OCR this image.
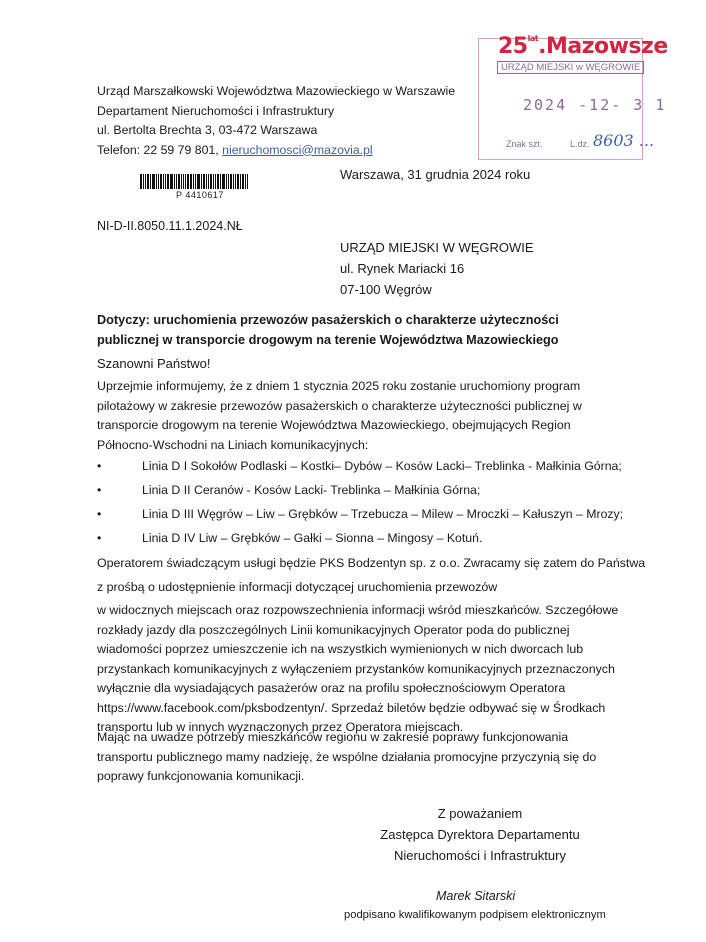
$25^{lat}.Mazowsze$
URZĄD MIEJSKI w WĘGROWIE
2024 -12- 3 1
Znak szt.	L.dz. 8603 ...
Urząd Marszałkowski Województwa Mazowieckiego w Warszawie
Departament Nieruchomości i Infrastruktury
ul. Bertolta Brechta 3, 03-472 Warszawa
Telefon: 22 59 79 801, nieruchomosci@mazovia.pl
P 4410617
Warszawa, 31 grudnia 2024 roku
NI-D-II.8050.11.1.2024.NŁ
URZĄD MIEJSKI W WĘGROWIE
ul. Rynek Mariacki 16
07-100 Węgrów
Dotyczy: uruchomienia przewozów pasażerskich o charakterze użyteczności publicznej w transporcie drogowym na terenie Województwa Mazowieckiego
Szanowni Państwo!
Uprzejmie informujemy, że z dniem 1 stycznia 2025 roku zostanie uruchomiony program pilotażowy w zakresie przewozów pasażerskich o charakterze użyteczności publicznej w transporcie drogowym na terenie Województwa Mazowieckiego, obejmujących Region Północno-Wschodni na Liniach komunikacyjnych:
•	Linia D I Sokołów Podlaski – Kostki– Dybów – Kosów Lacki– Treblinka - Małkinia Górna;
•	Linia D II Ceranów - Kosów Lacki- Treblinka – Małkinia Górna;
•	Linia D III Węgrów – Liw – Grębków – Trzebucza – Milew – Mroczki – Kałuszyn – Mrozy;
•	Linia D IV Liw – Grębków – Gałki – Sionna – Mingosy – Kotuń.
Operatorem świadczącym usługi będzie PKS Bodzentyn sp. z o.o. Zwracamy się zatem do Państwa
z prośbą o udostępnienie informacji dotyczącej uruchomienia przewozów
w widocznych miejscach oraz rozpowszechnienia informacji wśród mieszkańców. Szczegółowe rozkłady jazdy dla poszczególnych Linii komunikacyjnych Operator poda do publicznej wiadomości poprzez umieszczenie ich na wszystkich wymienionych w nich dworcach lub przystankach komunikacyjnych z wyłączeniem przystanków komunikacyjnych przeznaczonych wyłącznie dla wysiadających pasażerów oraz na profilu społecznościowym Operatora https://www.facebook.com/pksbodzentyn/. Sprzedaż biletów będzie odbywać się w Środkach transportu lub w innych wyznaczonych przez Operatora miejscach.
Mając na uwadze potrzeby mieszkańców regionu w zakresie poprawy funkcjonowania transportu publicznego mamy nadzieję, że wspólne działania promocyjne przyczynią się do poprawy funkcjonowania komunikacji.
Z poważaniem
Zastępca Dyrektora Departamentu
Nieruchomości i Infrastruktury
Marek Sitarski
podpisano kwalifikowanym podpisem elektronicznym
